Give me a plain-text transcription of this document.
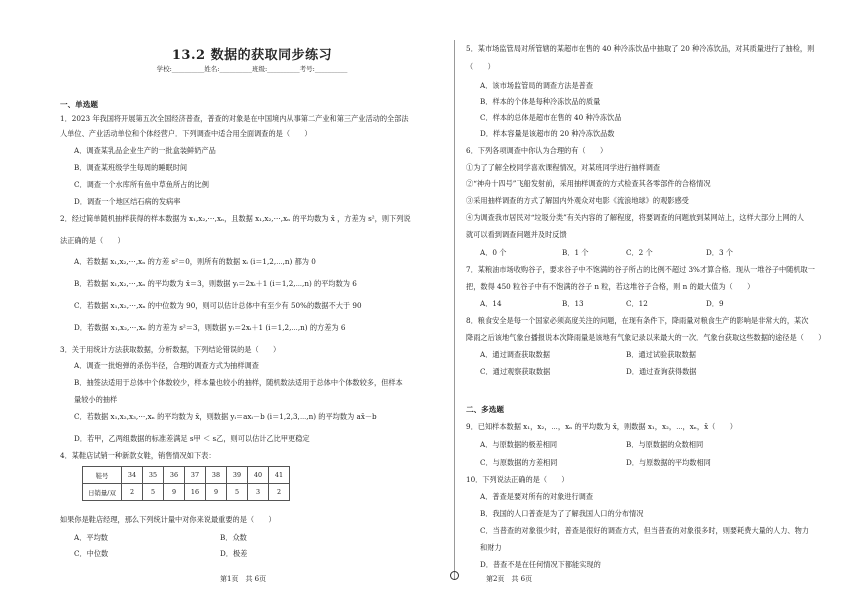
13.2 数据的获取同步练习
学校:__________姓名:__________班级:__________考号:__________
一、单选题
1．2023 年我国将开展第五次全国经济普查，普查的对象是在中国境内从事第二产业和第三产业活动的全部法
人单位、产业活动单位和个体经营户．下列调查中适合用全面调查的是（　　）
A．调查某乳品企业生产的一批盒装鲜奶产品
B．调查某班级学生每周的睡眠时间
C．调查一个水库所有鱼中草鱼所占的比例
D．调查一个地区结石病的发病率
2．经过简单随机抽样获得的样本数据为 x₁,x₂,⋯,xₙ，且数据 x₁,x₂,⋯,xₙ 的平均数为 x̄ ，方差为 s²，则下列说
法正确的是（　　）
A．若数据 x₁,x₂,⋯,xₙ 的方差 s²＝0，则所有的数据 xᵢ (i＝1,2,⋯,n) 都为 0
B．若数据 x₁,x₂,⋯,xₙ 的平均数为 x̄＝3，则数据 yᵢ＝2xᵢ＋1 (i＝1,2,⋯,n) 的平均数为 6
C．若数据 x₁,x₂,⋯,xₙ 的中位数为 90，则可以估计总体中有至少有 50%的数据不大于 90
D．若数据 x₁,x₂,⋯,xₙ 的方差为 s²＝3，则数据 yᵢ＝2xᵢ＋1 (i＝1,2,⋯,n) 的方差为 6
3．关于用统计方法获取数据，分析数据，下列结论错误的是（　　）
A．调查一批炮弹的杀伤半径，合理的调查方式为抽样调查
B．抽签法适用于总体中个体数较少，样本量也较小的抽样，随机数法适用于总体中个体数较多，但样本
量较小的抽样
C．若数据 x₁,x₂,x₃,⋯,xₙ 的平均数为 x̄，则数据 yᵢ＝axᵢ－b (i＝1,2,3,⋯,n) 的平均数为 ax̄－b
D．若甲，乙两组数据的标准差满足 s甲 ＜ s乙，则可以估计乙比甲更稳定
4．某鞋店试销一种新款女鞋，销售情况如下表：
如果你是鞋店经理，那么下列统计量中对你来说最重要的是（　　）
A．平均数	B．众数
C．中位数	D．极差
鞋号	34	35	36	37	38	39	40	41
日销量/双	2	5	9	16	9	5	3	2
第1页　共 6页
5．某市场监管局对所管辖的某超市在售的 40 种冷冻饮品中抽取了 20 种冷冻饮品，对其质量进行了抽检，则
（　　）
A．该市场监管局的调查方法是普查
B．样本的个体是每种冷冻饮品的质量
C．样本的总体是超市在售的 40 种冷冻饮品
D．样本容量是该超市的 20 种冷冻饮品数
6．下列各项调查中你认为合理的有（　　）
①为了了解全校同学喜欢课程情况，对某班同学进行抽样调查
②“神舟十四号”飞船发射前，采用抽样调查的方式检查其各零部件的合格情况
③采用抽样调查的方式了解国内外观众对电影《流浪地球》的观影感受
④为调查我市居民对“垃圾分类”有关内容的了解程度，将要调查的问题放到某网站上，这样大部分上网的人
就可以看到调查问题并及时反馈
A．0 个	B．1 个	C．2 个	D．3 个
7．某粮油市场收购谷子，要求谷子中不饱满的谷子所占的比例不超过 3%才算合格．现从一堆谷子中随机取一
把，数得 450 粒谷子中有不饱满的谷子 n 粒，若这堆谷子合格，则 n 的最大值为（　　）
A．14	B．13	C．12	D．9
8．粮食安全是每一个国家必须高度关注的问题，在现有条件下，降雨量对粮食生产的影响是非常大的，某次
降雨之后该地气象台播报说本次降雨量是该地有气象记录以来最大的一次．气象台获取这些数据的途径是（　　）
A．通过调查获取数据	B．通过试验获取数据
C．通过观察获取数据	D．通过查询获得数据
二、多选题
9．已知样本数据 x₁，x₂，⋯，xₙ 的平均数为 x̄，则数据 x₁，x₂，⋯，xₙ，x̄（　　）
A．与原数据的极差相同	B．与原数据的众数相同
C．与原数据的方差相同	D．与原数据的平均数相同
10．下列说法正确的是（　　）
A．普查是要对所有的对象进行调查
B．我国的人口普查是为了了解我国人口的分布情况
C．当普查的对象很少时，普查是很好的调查方式，但当普查的对象很多时，则要耗费大量的人力、物力
和财力
D．普查不是在任何情况下都能实现的
第2页　共 6页
